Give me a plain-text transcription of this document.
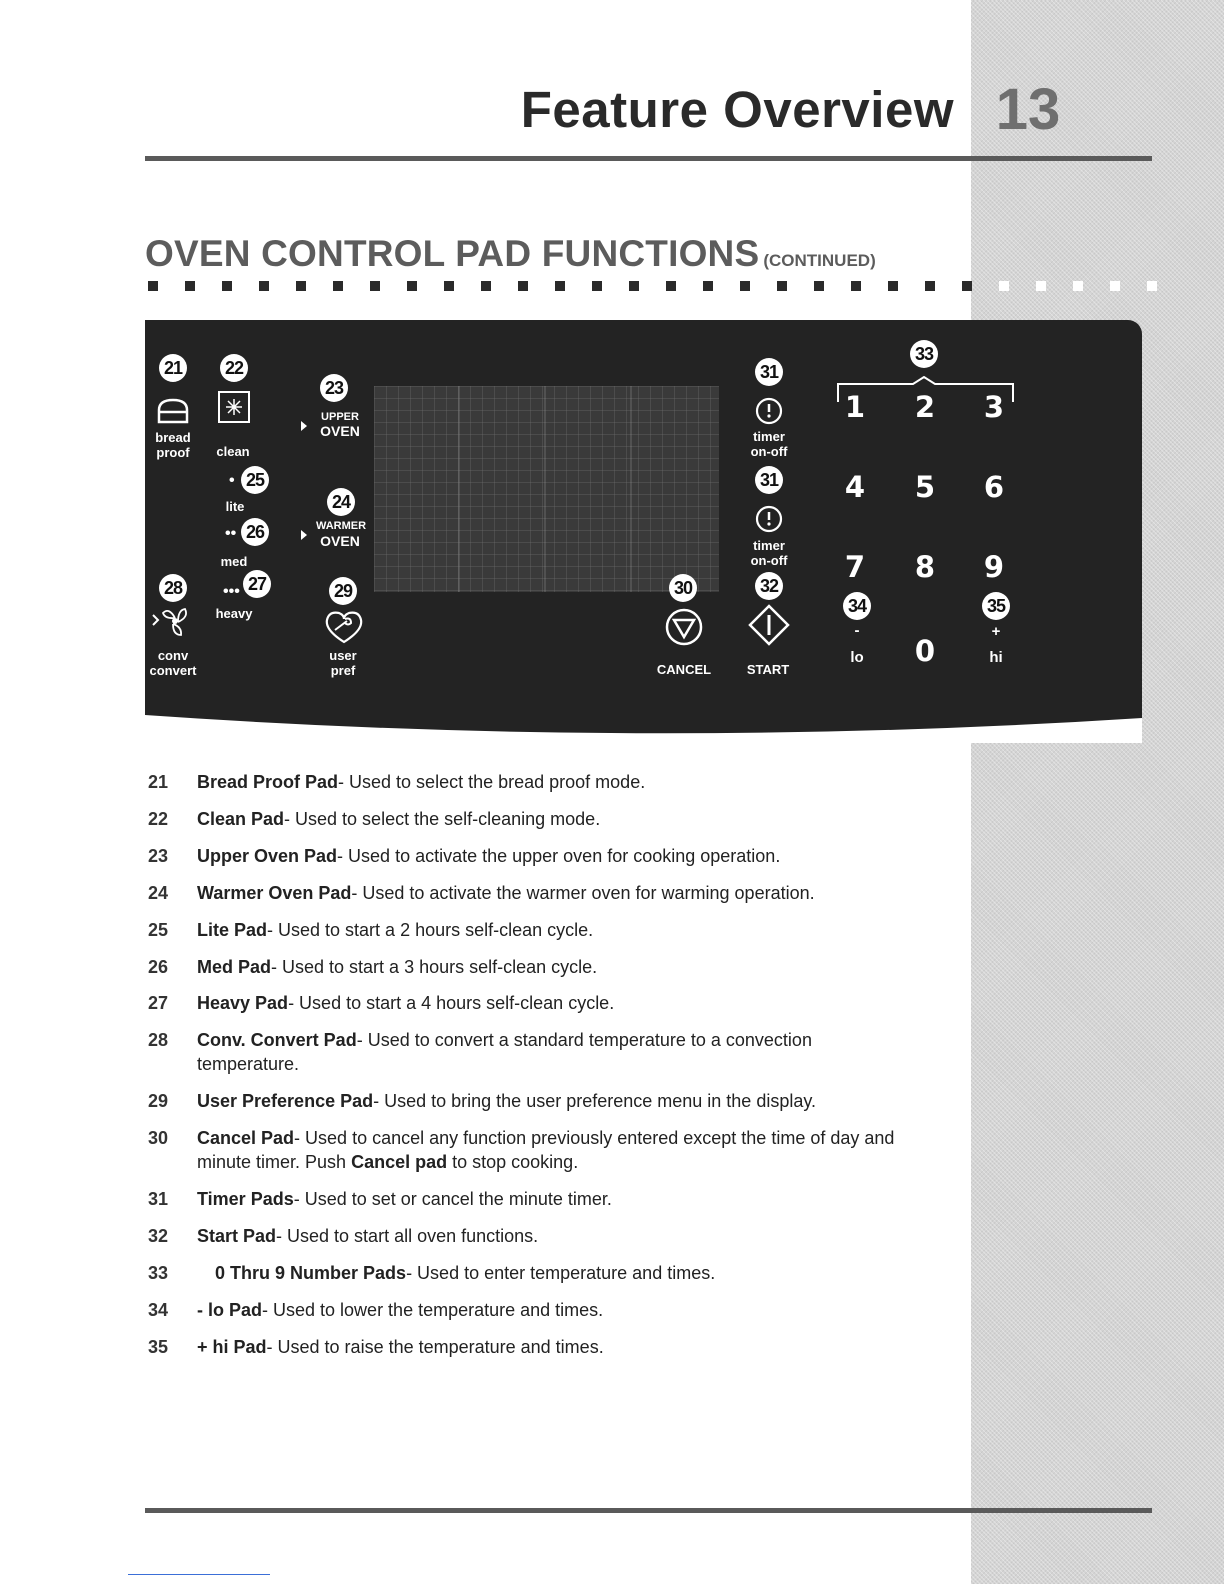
Feature Overview 13
OVEN CONTROL PAD FUNCTIONS (CONTINUED)
21
bread
proof
22
clean
23
UPPER
OVEN
• 25
lite
•• 26
med
24
WARMER
OVEN
28
conv
convert
••• 27
heavy
29
user
pref
30
CANCEL
31
timer
on-off
31
timer
on-off
32
START
33
1 2 3
4 5 6
7 8 9
0
34
-
lo
35
+
hi
21	Bread Proof Pad- Used to select the bread proof mode.
22	Clean Pad- Used to select the self-cleaning mode.
23	Upper Oven Pad- Used to activate the upper oven for cooking operation.
24	Warmer Oven Pad- Used to activate the warmer oven for warming operation.
25	Lite Pad- Used to start a 2 hours self-clean cycle.
26	Med Pad- Used to start a 3 hours self-clean cycle.
27	Heavy Pad- Used to start a 4 hours self-clean cycle.
28	Conv. Convert Pad- Used to convert a standard temperature to a convection temperature.
29	User Preference Pad- Used to bring the user preference menu in the display.
30	Cancel Pad- Used to cancel any function previously entered except the time of day and minute timer. Push Cancel pad to stop cooking.
31	Timer Pads- Used to set or cancel the minute timer.
32	Start Pad- Used to start all oven functions.
33	0 Thru 9 Number Pads- Used to enter temperature and times.
34	- lo Pad- Used to lower the temperature and times.
35	+ hi Pad- Used to raise the temperature and times.
